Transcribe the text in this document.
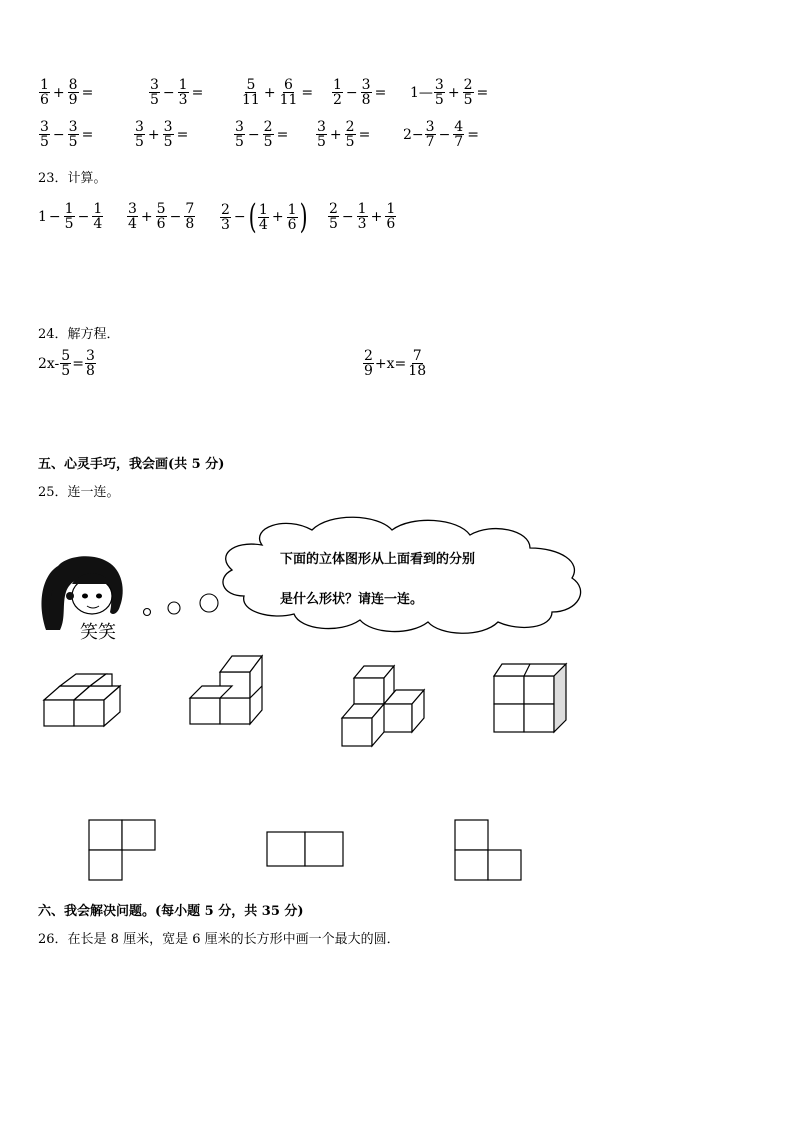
$\frac{1}{6} + \frac{8}{9}$ =	$\frac{3}{5} - \frac{1}{3}$ =	$\frac{5}{11} + \frac{6}{11} = \frac{1}{2} - \frac{3}{8}$ = 1— $\frac{3}{5} + \frac{2}{5}$ =
$\frac{3}{5} - \frac{3}{5}$ =	$\frac{3}{5} + \frac{3}{5}$ =	$\frac{3}{5} - \frac{2}{5} = \frac{3}{5} + \frac{2}{5} = 2- \frac{3}{7} - \frac{4}{7}$ =
23．计算。
$1 - \frac{1}{5} - \frac{1}{4} \frac{3}{4} + \frac{5}{6} - \frac{7}{8} \frac{2}{3}$ − ( $\frac{1}{4} + \frac{1}{6}$ ) $\frac{2}{5} - \frac{1}{3} + \frac{1}{6}$
24．解方程．
$2x- \frac{5}{5} = \frac{3}{8}$	$\frac{2}{9} +x= \frac{7}{18}$
五、心灵手巧，我会画(共 5 分)
25．连一连。
下面的立体图形从上面看到的分别
是什么形状？请连一连。
笑笑
六、我会解决问题。(每小题 5 分，共 35 分)
26．在长是 8 厘米，宽是 6 厘米的长方形中画一个最大的圆．
